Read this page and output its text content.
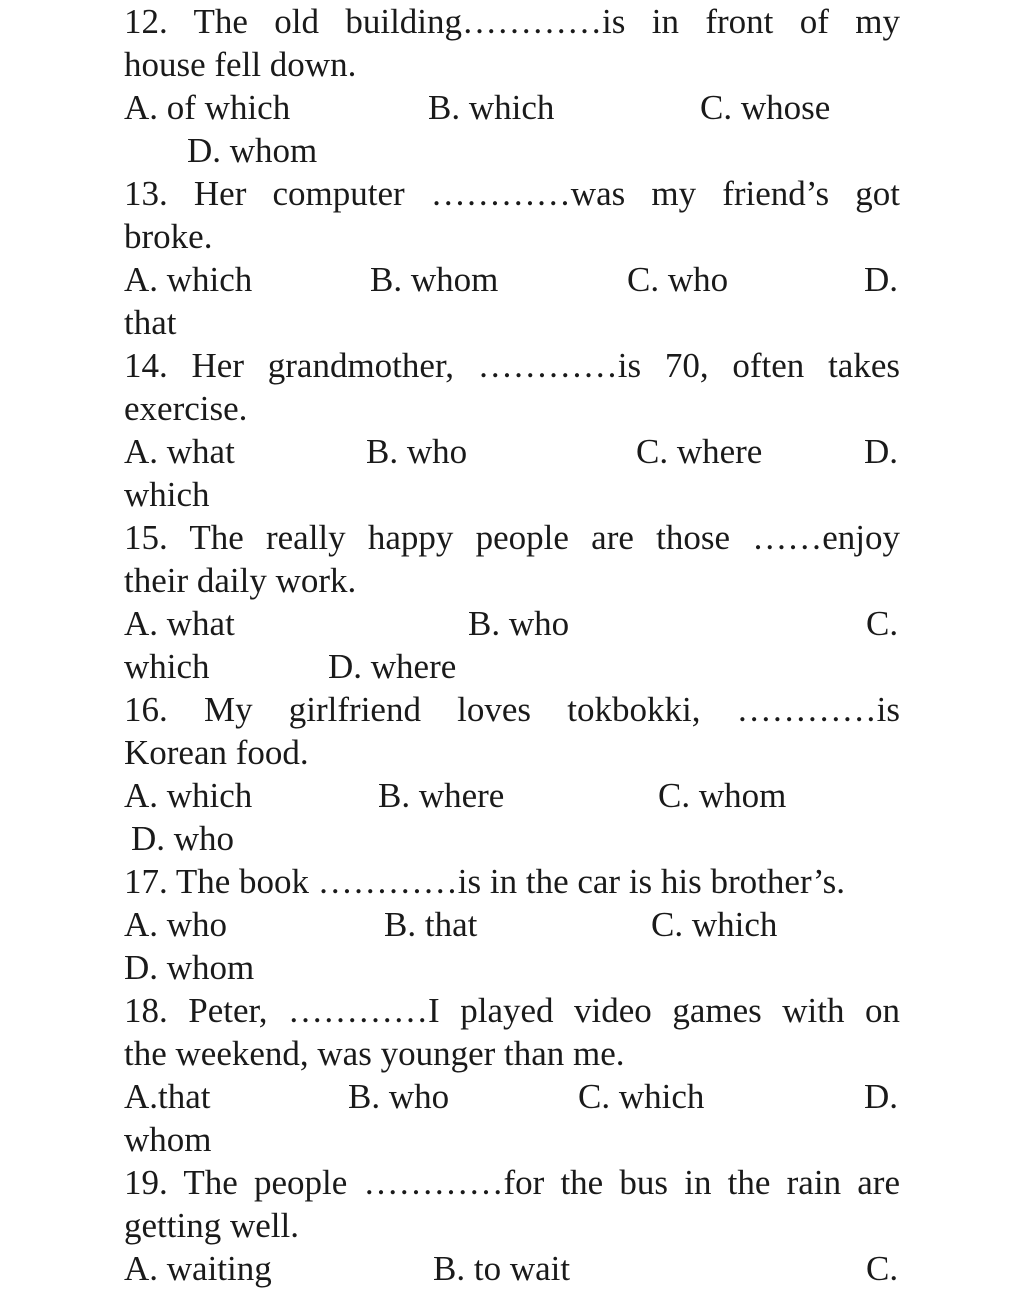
12. The old building…………is in front of my
house fell down.
A. of which	B. which	C. whose
D. whom
13. Her computer …………was my friend’s got
broke.
A. which	B. whom	C. who	D.
that
14. Her grandmother, …………is 70, often takes
exercise.
A. what	B. who	C. where	D.
which
15. The really happy people are those ……enjoy
their daily work.
A. what	B. who	C.
which	D. where
16. My girlfriend loves tokbokki, …………is
Korean food.
A. which	B. where	C. whom
D. who
17. The book …………is in the car is his brother’s.
A. who	B. that	C. which
D. whom
18. Peter, …………I played video games with on
the weekend, was younger than me.
A.that	B. who	C. which	D.
whom
19. The people …………for the bus in the rain are
getting well.
A. waiting	B. to wait	C.
